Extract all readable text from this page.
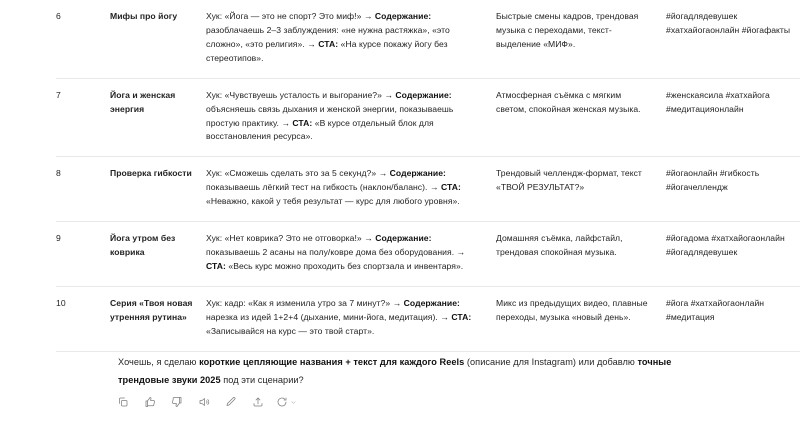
6	Мифы про йогу	Хук: «Йога — это не спорт? Это миф!» → Содержание: разоблачаешь 2–3 заблуждения: «не нужна растяжка», «это сложно», «это религия». → СТА: «На курсе покажу йогу без стереотипов».	Быстрые смены кадров, трендовая музыка с переходами, текст-выделение «МИФ».	#йогадлядевушек #хатхайогаонлайн #йогафакты
7	Йога и женская энергия	Хук: «Чувствуешь усталость и выгорание?» → Содержание: объясняешь связь дыхания и женской энергии, показываешь простую практику. → СТА: «В курсе отдельный блок для восстановления ресурса».	Атмосферная съёмка с мягким светом, спокойная женская музыка.	#женскаясила #хатхайога #медитацияонлайн
8	Проверка гибкости	Хук: «Сможешь сделать это за 5 секунд?» → Содержание: показываешь лёгкий тест на гибкость (наклон/баланс). → СТА: «Неважно, какой у тебя результат — курс для любого уровня».	Трендовый челлендж-формат, текст «ТВОЙ РЕЗУЛЬТАТ?»	#йогаонлайн #гибкость #йогачеллендж
9	Йога утром без коврика	Хук: «Нет коврика? Это не отговорка!» → Содержание: показываешь 2 асаны на полу/ковре дома без оборудования. → СТА: «Весь курс можно проходить без спортзала и инвентаря».	Домашняя съёмка, лайфстайл, трендовая спокойная музыка.	#йогадома #хатхайогаонлайн #йогадлядевушек
10	Серия «Твоя новая утренняя рутина»	Хук: кадр: «Как я изменила утро за 7 минут?» → Содержание: нарезка из идей 1+2+4 (дыхание, мини-йога, медитация). → СТА: «Записывайся на курс — это твой старт».	Микс из предыдущих видео, плавные переходы, музыка «новый день».	#йога #хатхайогаонлайн #медитация
Хочешь, я сделаю короткие цепляющие названия + текст для каждого Reels (описание для Instagram) или добавлю точные трендовые звуки 2025 под эти сценарии?
